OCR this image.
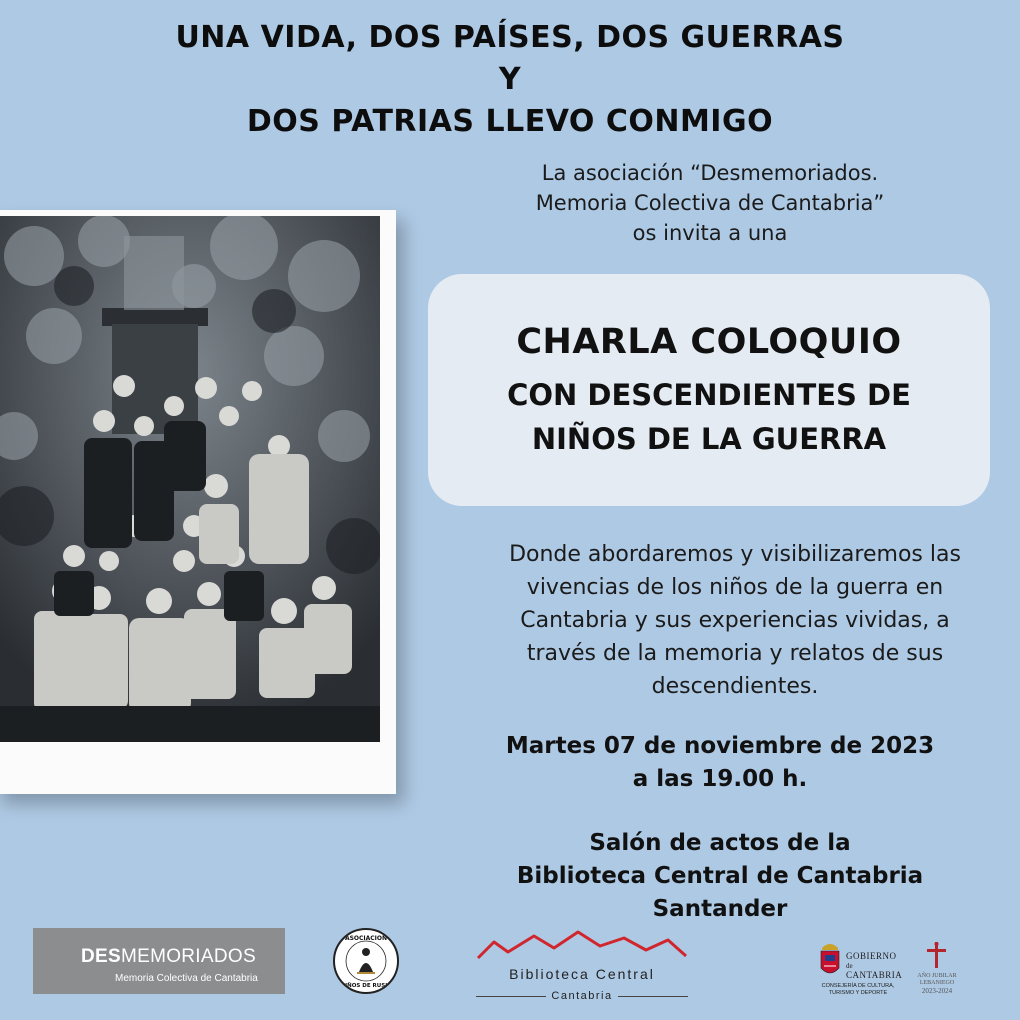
UNA VIDA, DOS PAÍSES, DOS GUERRAS
Y
DOS PATRIAS LLEVO CONMIGO
La asociación “Desmemoriados.
Memoria Colectiva de Cantabria”
os invita a una
CHARLA COLOQUIO
CON DESCENDIENTES DE
NIÑOS DE LA GUERRA
Donde abordaremos y visibilizaremos las
vivencias de los niños de la guerra en
Cantabria y sus experiencias vividas, a
través de la memoria y relatos de sus
descendientes.
Martes 07 de noviembre de 2023
a las 19.00 h.
Salón de actos de la
Biblioteca Central de Cantabria
Santander
DESMEMORIADOS
Memoria Colectiva de Cantabria
ASOCIACION
NIÑOS DE RUSIA
Biblioteca Central
Cantabria
GOBIERNO
de
CANTABRIA
CONSEJERÍA DE CULTURA,
TURISMO Y DEPORTE
AÑO JUBILAR
LEBANIEGO
2023-2024
